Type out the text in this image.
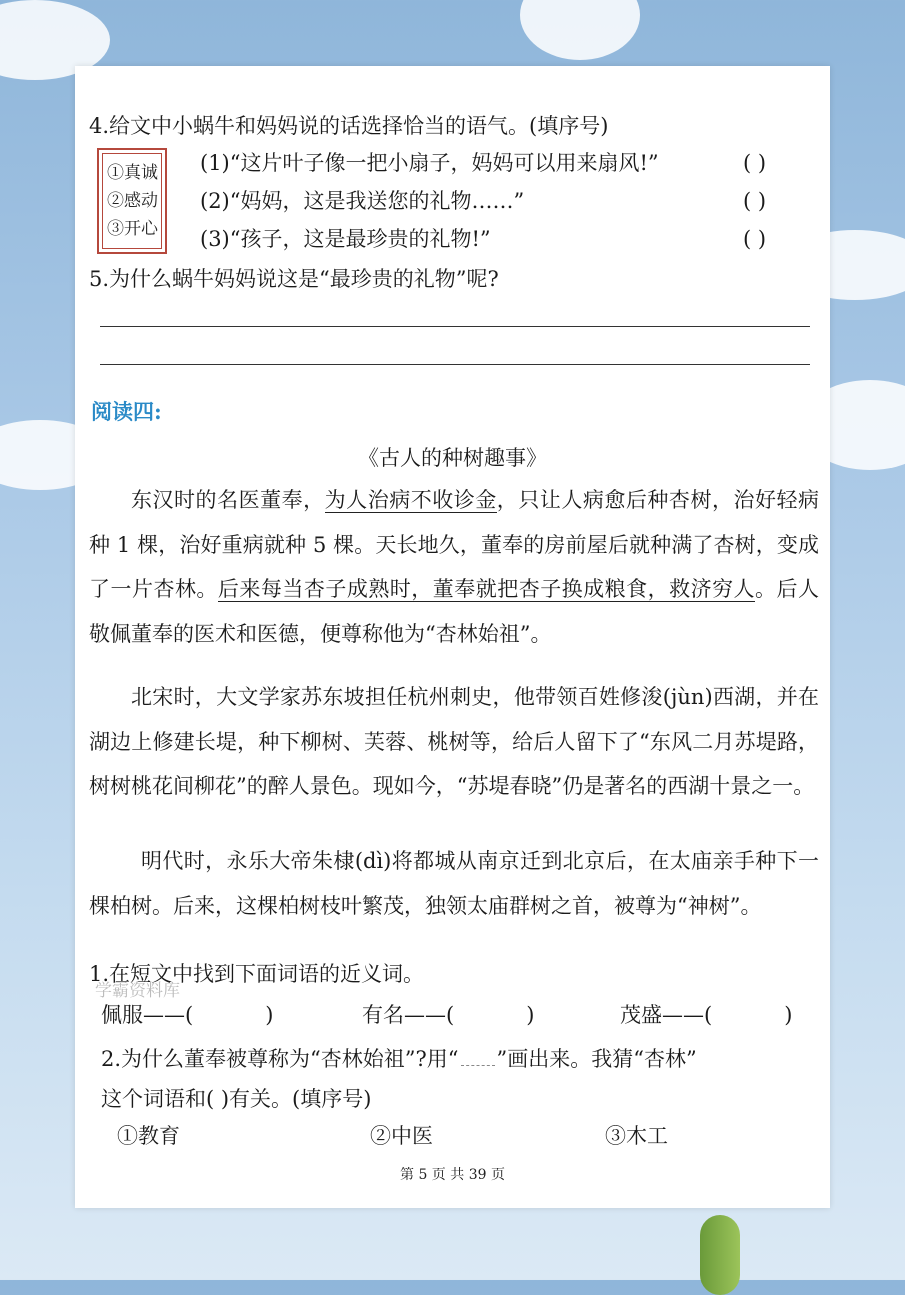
4.给文中小蜗牛和妈妈说的话选择恰当的语气。(填序号)
①真诚
②感动
③开心
(1)“这片叶子像一把小扇子，妈妈可以用来扇风!”	( )
(2)“妈妈，这是我送您的礼物……”	( )
(3)“孩子，这是最珍贵的礼物!”	( )
5.为什么蜗牛妈妈说这是“最珍贵的礼物”呢?
阅读四:
《古人的种树趣事》
东汉时的名医董奉，为人治病不收诊金，只让人病愈后种杏树，治好轻病种 1 棵，治好重病就种 5 棵。天长地久，董奉的房前屋后就种满了杏树，变成了一片杏林。后来每当杏子成熟时，董奉就把杏子换成粮食，救济穷人。后人敬佩董奉的医术和医德，便尊称他为“杏林始祖”。
北宋时，大文学家苏东坡担任杭州刺史，他带领百姓修浚(jùn)西湖，并在湖边上修建长堤，种下柳树、芙蓉、桃树等，给后人留下了“东风二月苏堤路，树树桃花间柳花”的醉人景色。现如今，“苏堤春晓”仍是著名的西湖十景之一。
明代时，永乐大帝朱棣(dì)将都城从南京迁到北京后，在太庙亲手种下一棵柏树。后来，这棵柏树枝叶繁茂，独领太庙群树之首，被尊为“神树”。
1.在短文中找到下面词语的近义词。
学霸资料库
佩服——(	)	有名——(	)	茂盛——(	)
2.为什么董奉被尊称为“杏林始祖”?用“ ”画出来。我猜“杏林”
这个词语和( )有关。(填序号)
①教育	②中医	③木工
第 5 页 共 39 页
